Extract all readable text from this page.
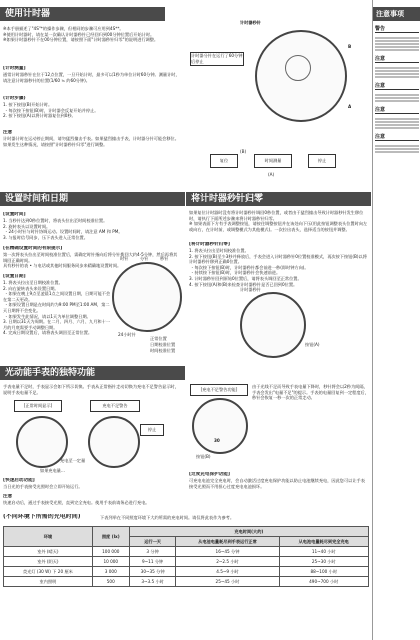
使用计时器
※本手册描述了"4S"*的操作步骤，但相同的步骤可应用到4S**。
※使用计时器时，请在某一次确认计时器秒针已经回归到00分钟位置后开始计时。
※如果计时器秒针不在00分钟位置，请按照下面"计时器秒针归零"的说明进行调整。
[计时测量]
通常计时器秒针在位于12点位置，一旦开始计时，最多可以1秒为单位计时60分钟。测量计时，请注意计时器秒针的位置(1/60 ≒ 约60分钟)。
(计时步骤)
1. 按下按钮(B)开始计时。
- 每次按下按钮(B)时，计时器会反复开始并停止。
2. 按下按钮(A)以将计时器复位到0秒。
注意
计时器计时在运动停止期间，请勿猛烈撞击手表。如果猛烈撞击手表，计时器分针可能会移位。如果发生这种情况，请按照"计时器秒针归零"进行调整。
计时器秒针
计时器分针在运行了60分钟后停止
B
A
复位	时间测量	停止
(B)
(A)
设置时间和日期
[设置时间]
1. 当秒针达到0秒位置时，将表头拉出至时间校准位置。
2. 旋转表头以设置时间。
- 24小时针与时针协调运动。设置时间时，请注意 AM 和 PM。
3. 与报时信号同步，压下表头进入正常位置。
[在精确设置时间的有限提示]
第一次将表头拉出至时间校准位置后，需确定时针指向后将分针拨回大约4-5分钟，然后再将其调回正确时间。
具有秒针的表 • 与电话或其他时间服务同步来精确地设置时间。
[设置日期]
1. 将表头拉出至日期校准位置。
2. 向右旋转表头来设置日期。
- 如果在晚上9点至凌晨1点之间设置日期，日期可能不会在第二天更改。
- 如果设置日期是在时间约为9:00 PM至1:00 AM，第二天日期将不会变化。
- 如果发生此情况，请以1天为单位调整日期。
3. 日期以31天为周期。在二月、四月、六月、九月和十一月的月底需要手动调整日期。
4. 完成日期设置后，请将表头调回至正常位置。
时针	分针	秒针
24小时针
正常位置
日期校准位置
时间校准位置
将计时器秒针归零
如果复位计时器时没有将计时器秒针调回0秒位置，或者由于猛烈撞击导致计时器秒针发生移位时，请执行下面所述步骤来将计时器秒针归零。
※ 如果表面下方有手表调整按钮，请按住调整按钮并在该处向下压(用此按钮调整表头位置时向左或向右，在计时前，或调整模式为其他模式)。一次拉出表头，选择适当的按钮并调整。
[将计时器秒针归零]
1. 将表头拉出至时间校准位置。
2. 按下按钮(B)至少3秒并释放后，手表会进入计时器秒针0位置校准模式，再次按下按钮(B)以将计时器秒针移到正确0位置。
- 每次按下按钮(B)时，计时器秒针都会前进一秒(即时钟方向)。
- 持续按下按钮(B)时，计时器秒针会快速前进。
3. 计时器秒针回到原始0位置后，请将表头调回至正常位置。
4. 按下按钮(A)和(B)来检查计时器秒针是否已回到0位置。
计时器秒针
按钮(A)
光动能手表的独特功能
手表电量不足时，手表显示会如下所示切换。手表从正常指针走动切换为充电不足警告显示时，说明手表电量不足。
[正常时间显示]	充电不足警告
停止
充电至一定量
如果充电量...
[快速启动功能]
当日光的手表接受光照时会立即开始运行。
注意
快速启动后，通过手表接受光照，直到完全充电。使用手表前请务必进行充电。
[充电不足警告功能]
30
按钮(B)
由于光线不足而导致手表电量下降时，秒针将会以2秒为间隔，手表会发出"电量不足"的提示。手表的电量回复到一定程度后，秒针会恢复一秒一次的正常走动。
[过度充电保护功能]
可充电电池完全充电时，会自动激活过度充电保护功能以防止电池继续充电，因此您可以让手表接受光照而不用担心过度充电电池损坏。
(不同环境下所需的充电时间)	下表列举在不同照度环境下大约所需的充电时间。请仅将此表作为参考。
环境	照度 (lx)	充电时间(大约)		
		运行一天	从电池电量耗尽到手表运行正常	从电池电量耗尽到完全充电
室外 (晴天)	100 000	3 分钟	16~45 分钟	11~40 小时
室外 (阴天)	10 000	9~11 分钟	2~2.5 小时	25~30 小时
荧光灯 (30 W) 下 20 厘米	3 000	30~35 分钟	4.5~9 小时	88~100 小时
室内照明	500	3~3.5 小时	25~45 小时	490~700 小时
注意事项
警告
注意
注意
注意
注意
